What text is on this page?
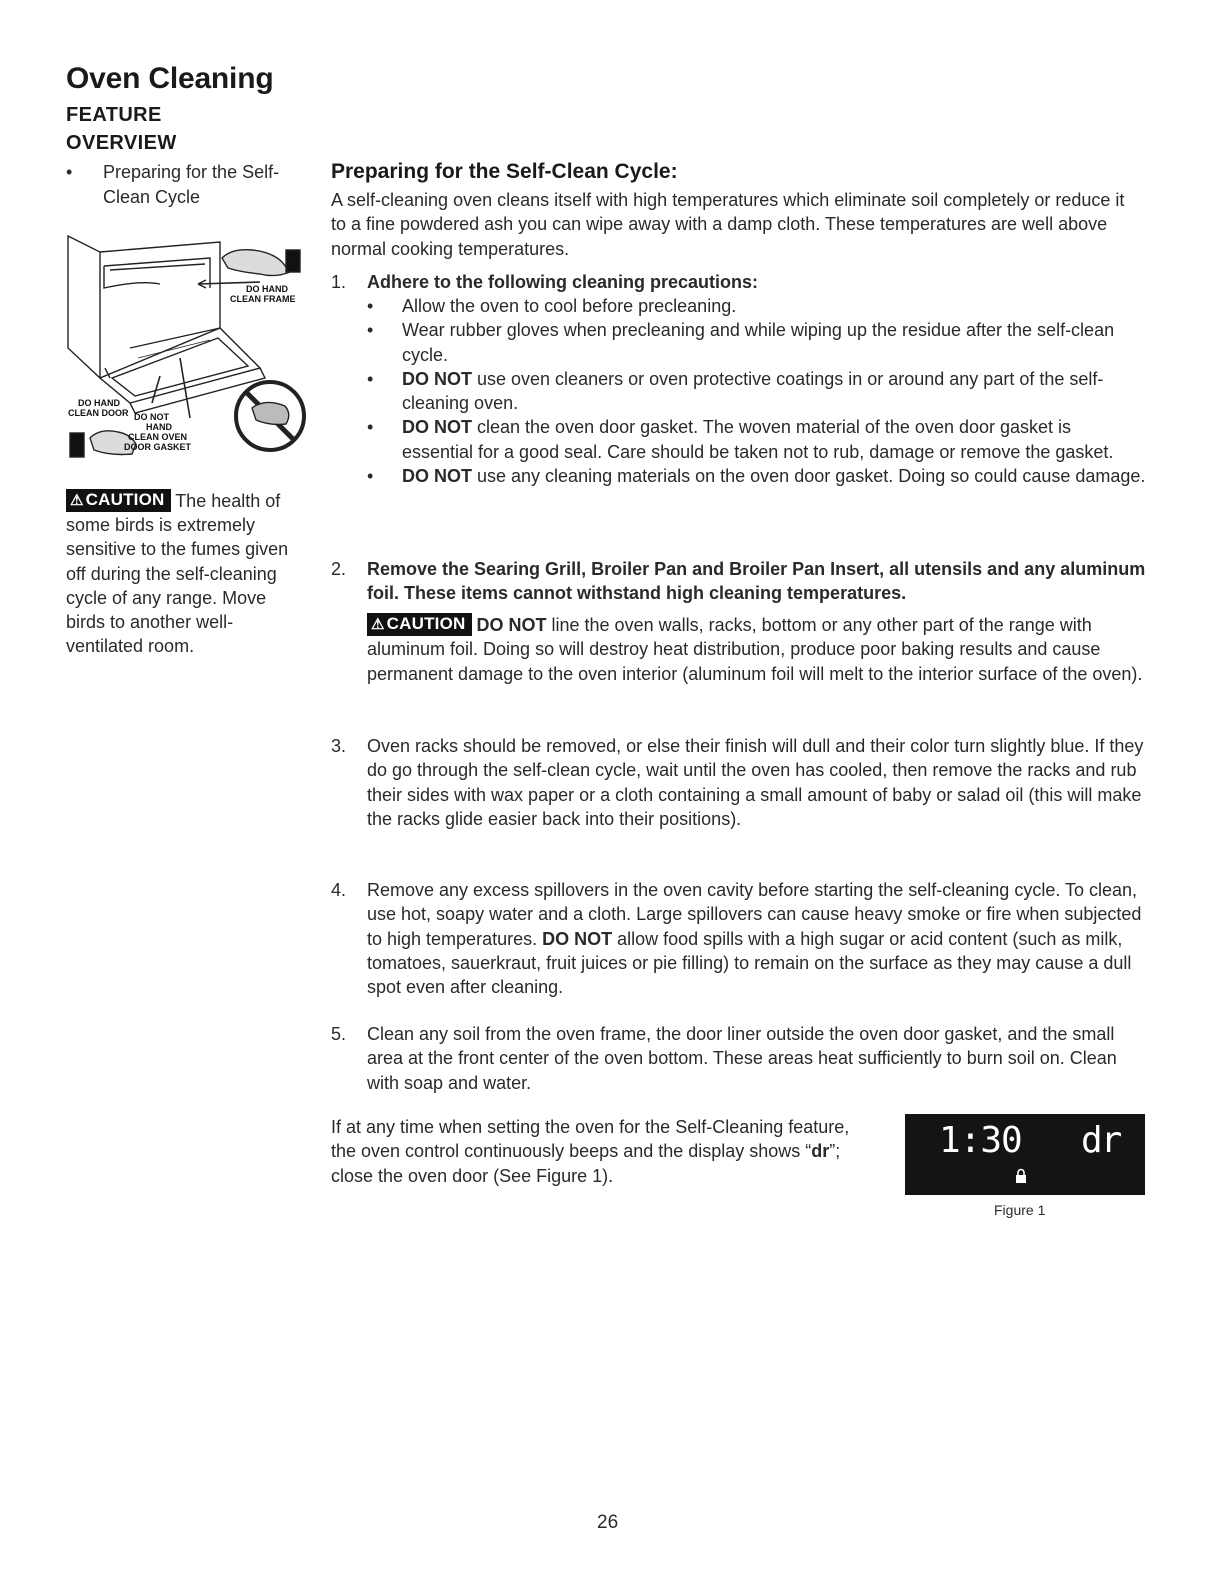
Oven Cleaning
FEATURE
OVERVIEW
•	Preparing for the Self-Clean Cycle
DO HAND
CLEAN FRAME
DO HAND
CLEAN DOOR DO NOT
HAND
CLEAN OVEN
DOOR GASKET
⚠ CAUTION The health of some birds is extremely sensitive to the fumes given off during the self-cleaning cycle of any range. Move birds to another well-ventilated room.
Preparing for the Self-Clean Cycle:
A self-cleaning oven cleans itself with high temperatures which eliminate soil completely or reduce it to a fine powdered ash you can wipe away with a damp cloth. These temperatures are well above normal cooking temperatures.
1. Adhere to the following cleaning precautions:
• Allow the oven to cool before precleaning.
• Wear rubber gloves when precleaning and while wiping up the residue after the self-clean cycle.
• DO NOT use oven cleaners or oven protective coatings in or around any part of the self-cleaning oven.
• DO NOT clean the oven door gasket. The woven material of the oven door gasket is essential for a good seal. Care should be taken not to rub, damage or remove the gasket.
• DO NOT use any cleaning materials on the oven door gasket. Doing so could cause damage.
2. Remove the Searing Grill, Broiler Pan and Broiler Pan Insert, all utensils and any aluminum foil. These items cannot withstand high cleaning temperatures.
⚠ CAUTION DO NOT line the oven walls, racks, bottom or any other part of the range with aluminum foil. Doing so will destroy heat distribution, produce poor baking results and cause permanent damage to the oven interior (aluminum foil will melt to the interior surface of the oven).
3. Oven racks should be removed, or else their finish will dull and their color turn slightly blue. If they do go through the self-clean cycle, wait until the oven has cooled, then remove the racks and rub their sides with wax paper or a cloth containing a small amount of baby or salad oil (this will make the racks glide easier back into their positions).
4. Remove any excess spillovers in the oven cavity before starting the self-cleaning cycle. To clean, use hot, soapy water and a cloth. Large spillovers can cause heavy smoke or fire when subjected to high temperatures. DO NOT allow food spills with a high sugar or acid content (such as milk, tomatoes, sauerkraut, fruit juices or pie filling) to remain on the surface as they may cause a dull spot even after cleaning.
5. Clean any soil from the oven frame, the door liner outside the oven door gasket, and the small area at the front center of the oven bottom. These areas heat sufficiently to burn soil on. Clean with soap and water.
If at any time when setting the oven for the Self-Cleaning feature, the oven control continuously beeps and the display shows “dr”; close the oven door (See Figure 1).
1:30 dr
Figure 1
26
